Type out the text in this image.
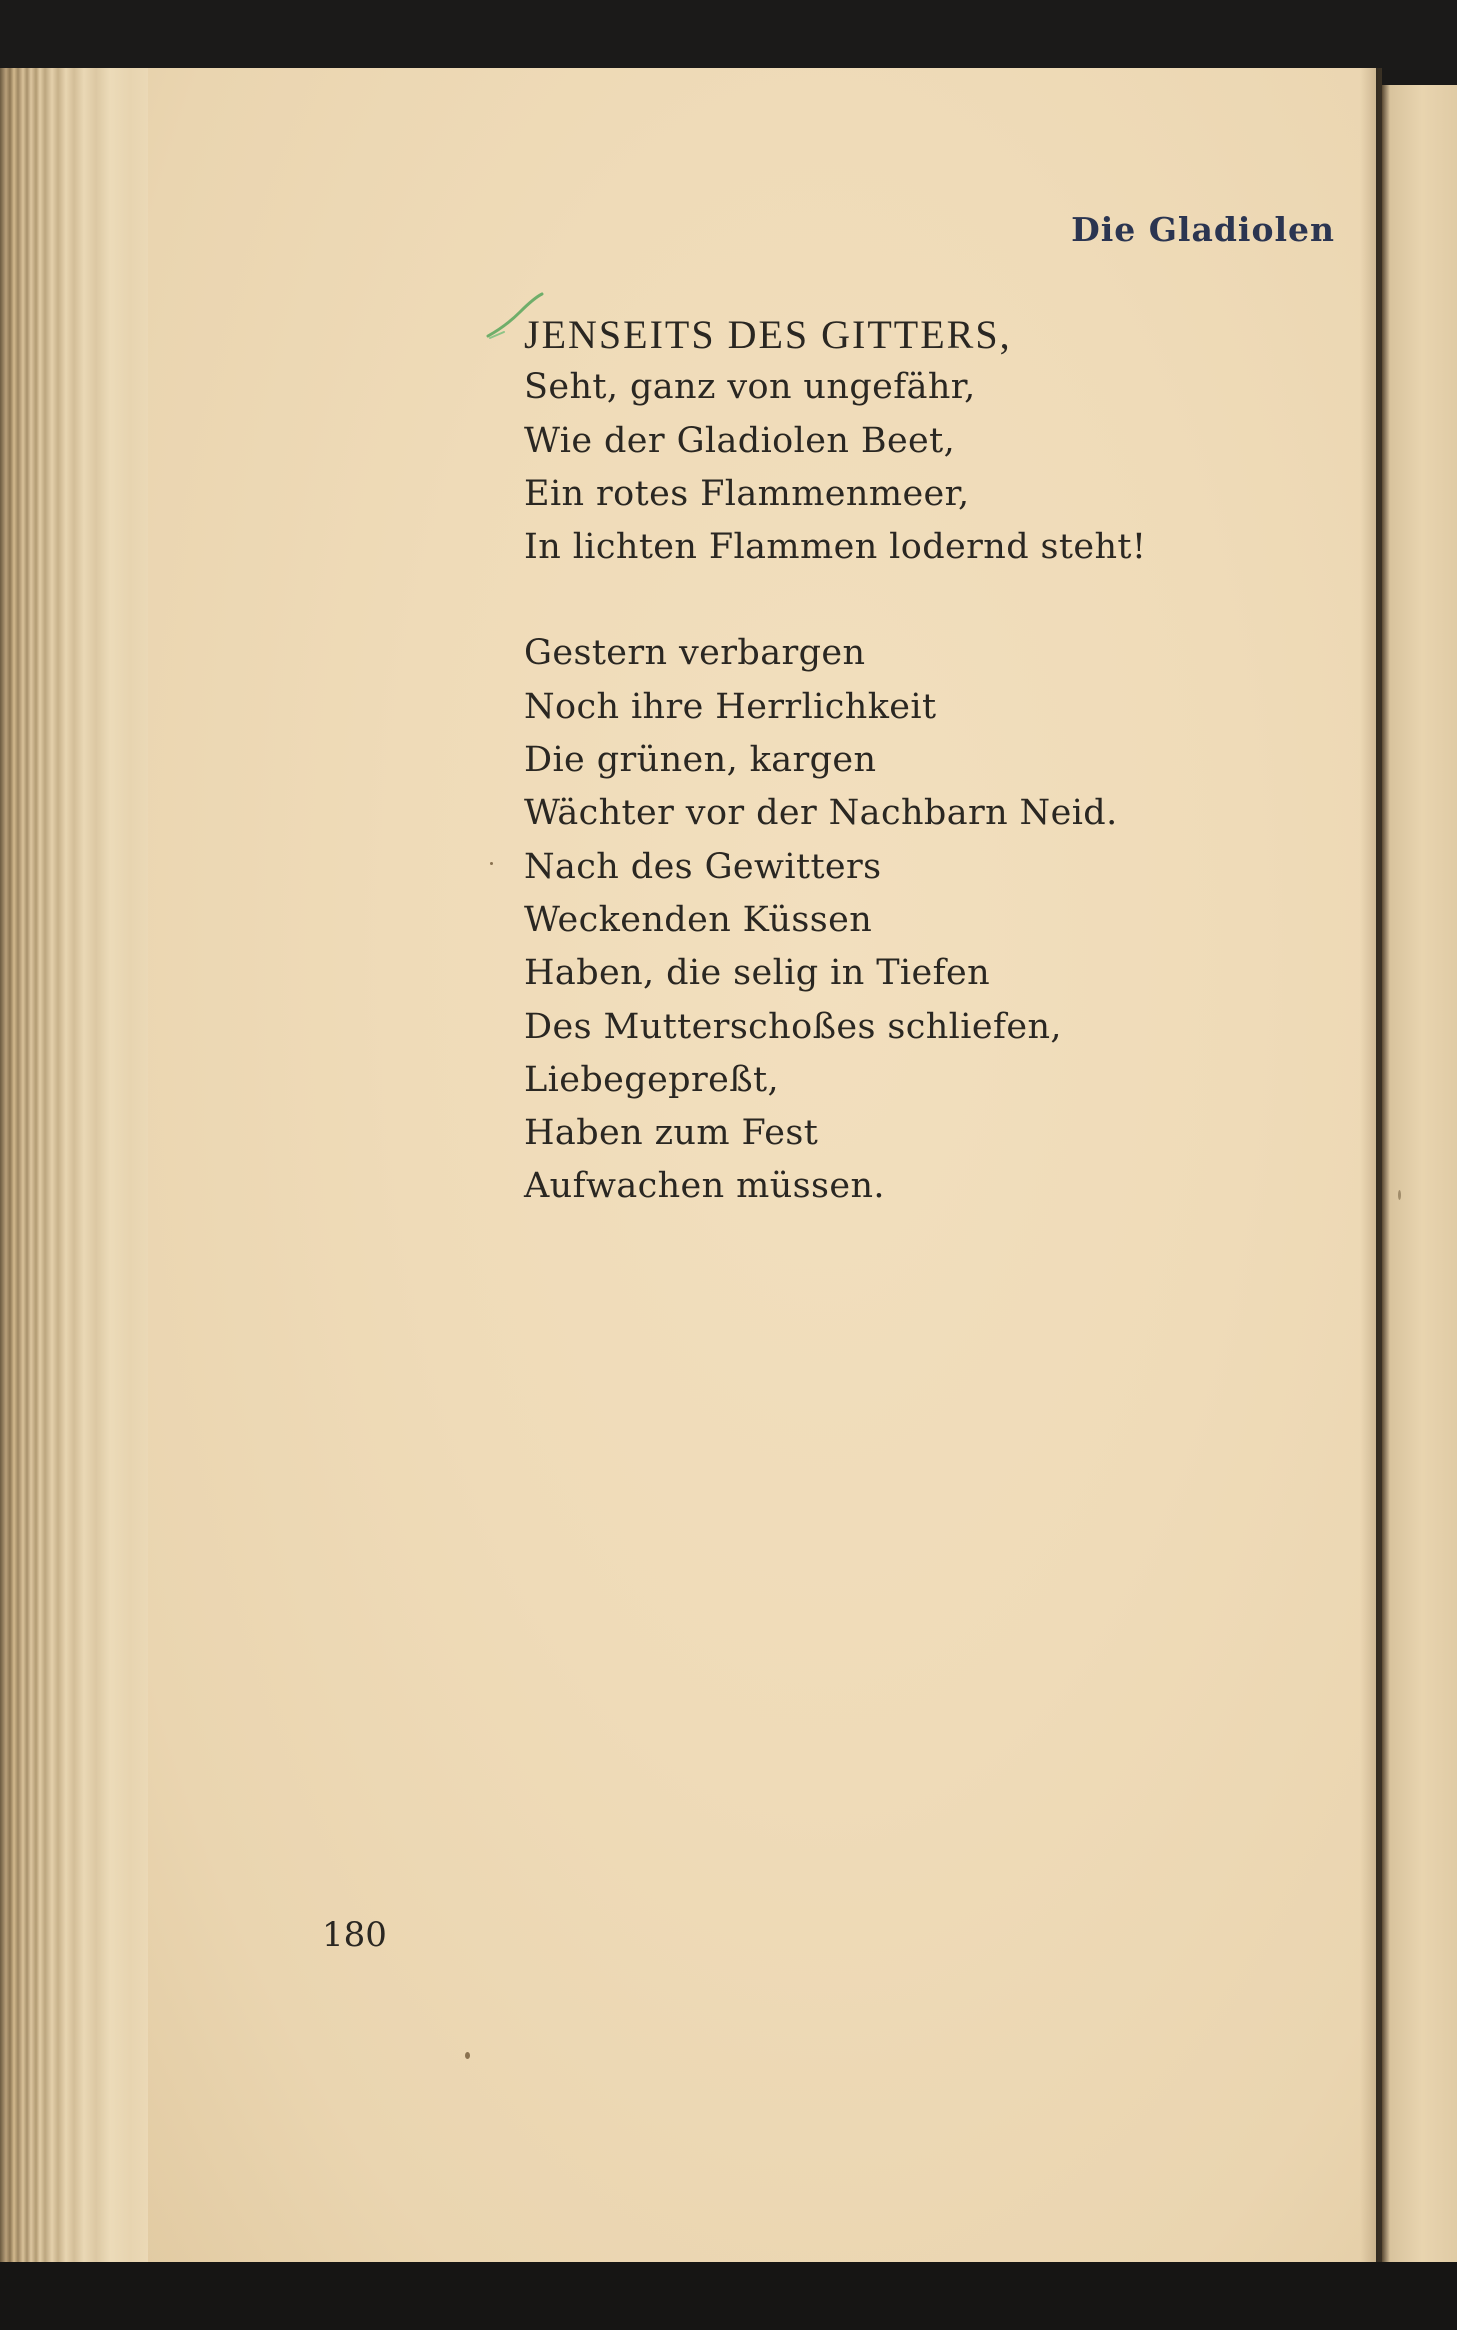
Die Gladiolen
JENSEITS DES GITTERS,
Seht, ganz von ungefähr,
Wie der Gladiolen Beet,
Ein rotes Flammenmeer,
In lichten Flammen lodernd steht!
Gestern verbargen
Noch ihre Herrlichkeit
Die grünen, kargen
Wächter vor der Nachbarn Neid.
Nach des Gewitters
Weckenden Küssen
Haben, die selig in Tiefen
Des Mutterschoßes schliefen,
Liebegepreßt,
Haben zum Fest
Aufwachen müssen.
180
